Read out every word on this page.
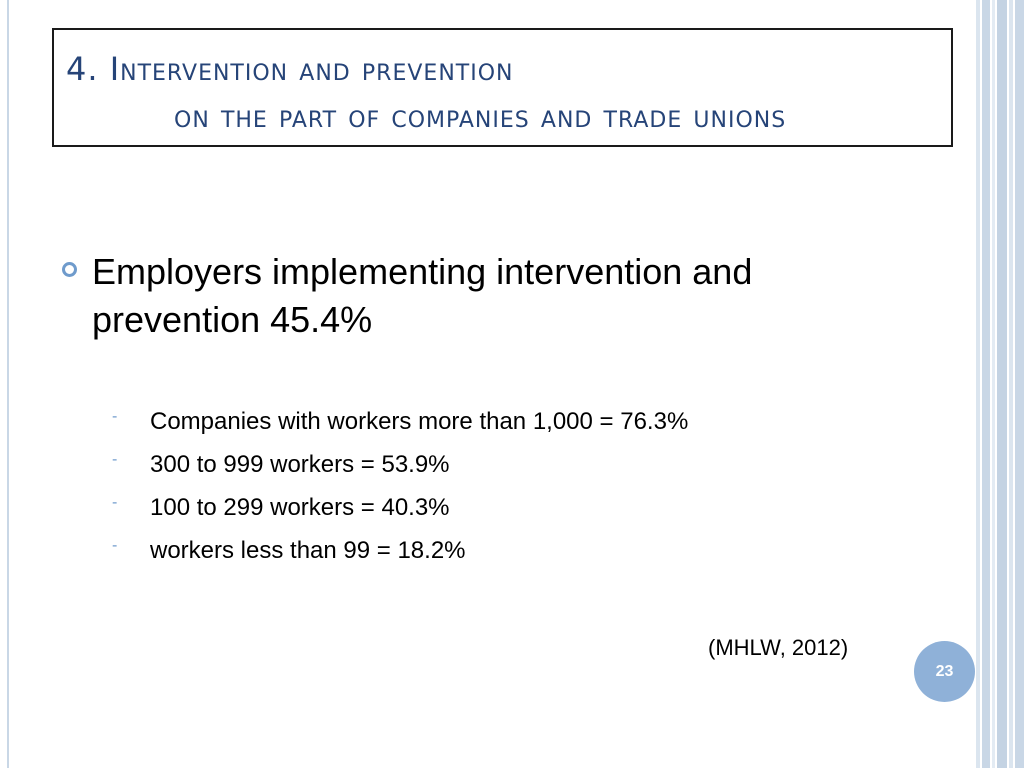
4. Intervention and prevention
on the part of companies and trade unions
Employers implementing intervention and prevention 45.4%
- Companies with workers more than 1,000 = 76.3%
- 300 to 999 workers = 53.9%
- 100 to 299 workers = 40.3%
- workers less than 99 = 18.2%
(MHLW, 2012)
23
